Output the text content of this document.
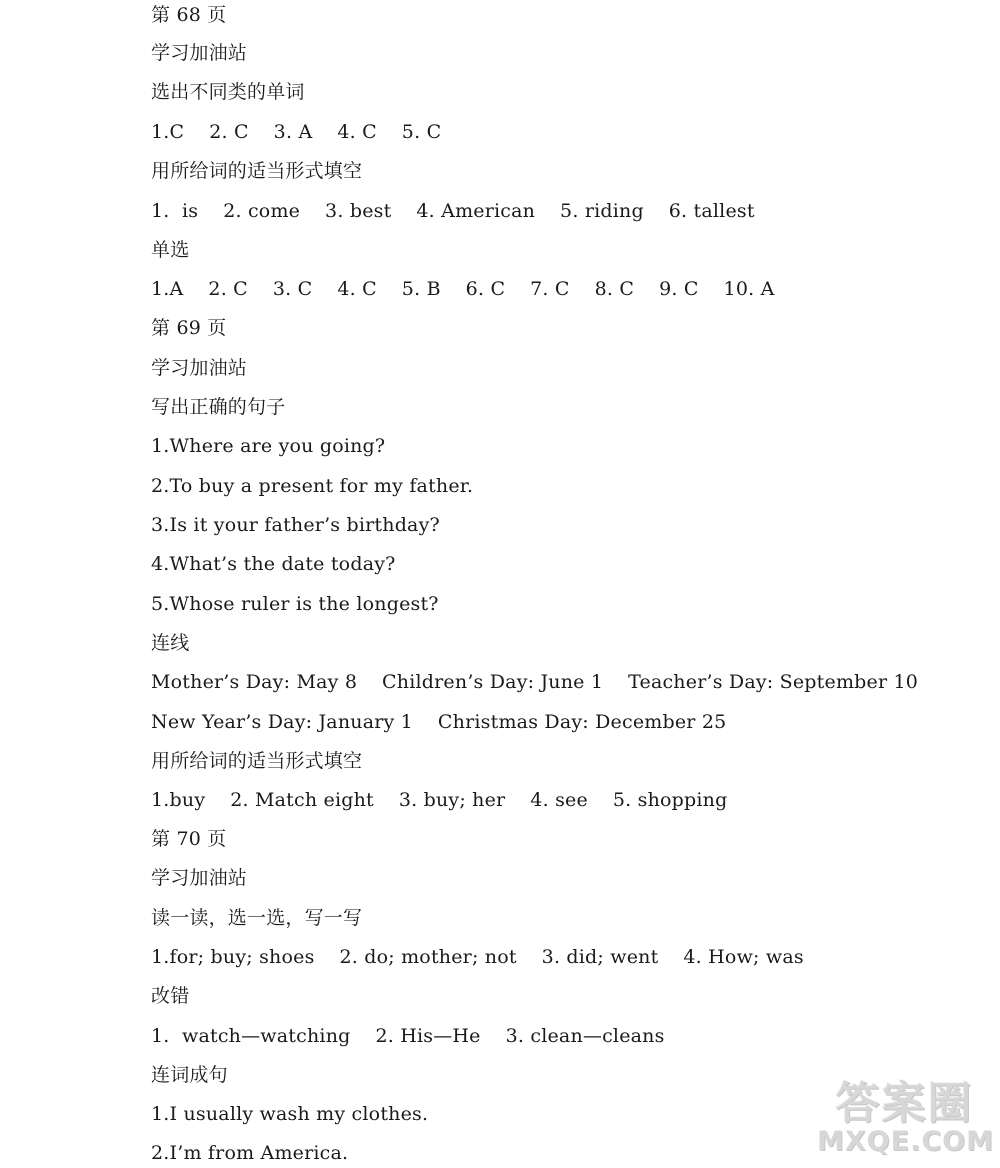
第 68 页
学习加油站
选出不同类的单词
1.C    2. C    3. A    4. C    5. C
用所给词的适当形式填空
1.  is    2. come    3. best    4. American    5. riding    6. tallest
单选
1.A    2. C    3. C    4. C    5. B    6. C    7. C    8. C    9. C    10. A
第 69 页
学习加油站
写出正确的句子
1.Where are you going?
2.To buy a present for my father.
3.Is it your father’s birthday?
4.What’s the date today?
5.Whose ruler is the longest?
连线
Mother’s Day: May 8    Children’s Day: June 1    Teacher’s Day: September 10
New Year’s Day: January 1    Christmas Day: December 25
用所给词的适当形式填空
1.buy    2. Match eight    3. buy; her    4. see    5. shopping
第 70 页
学习加油站
读一读，选一选，写一写
1.for; buy; shoes    2. do; mother; not    3. did; went    4. How; was
改错
1.  watch—watching    2. His—He    3. clean—cleans
连词成句
1.I usually wash my clothes.
2.I’m from America.
答案圈
MXQE.COM
